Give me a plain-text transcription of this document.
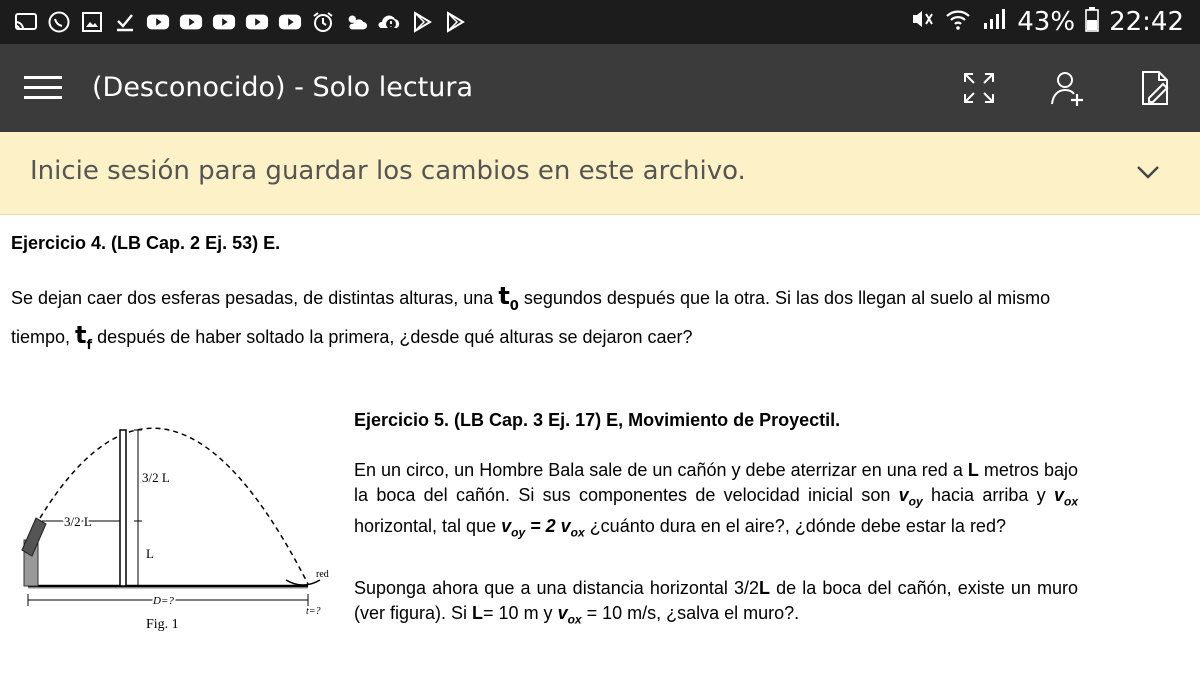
43% 22:42
(Desconocido) - Solo lectura
Inicie sesión para guardar los cambios en este archivo.
Ejercicio 4. (LB Cap. 2 Ej. 53) E.
Se dejan caer dos esferas pesadas, de distintas alturas, una $t_0$ segundos después que la otra. Si las dos llegan al suelo al mismo tiempo, $t_f$ después de haber soltado la primera, ¿desde qué alturas se dejaron caer?
3/2 L
L
3/2 L
red
D=?
t=?
Fig. 1
Ejercicio 5. (LB Cap. 3 Ej. 17) E, Movimiento de Proyectil.
En un circo, un Hombre Bala sale de un cañón y debe aterrizar en una red a L metros bajo la boca del cañón. Si sus componentes de velocidad inicial son $v_{oy}$ hacia arriba y $v_{ox}$ horizontal, tal que $v_{oy} = 2$ $v_{ox}$ ¿cuánto dura en el aire?, ¿dónde debe estar la red?
Suponga ahora que a una distancia horizontal 3/2L de la boca del cañón, existe un muro (ver figura). Si L= 10 m y $v_{ox} = 10$ m/s, ¿salva el muro?.
